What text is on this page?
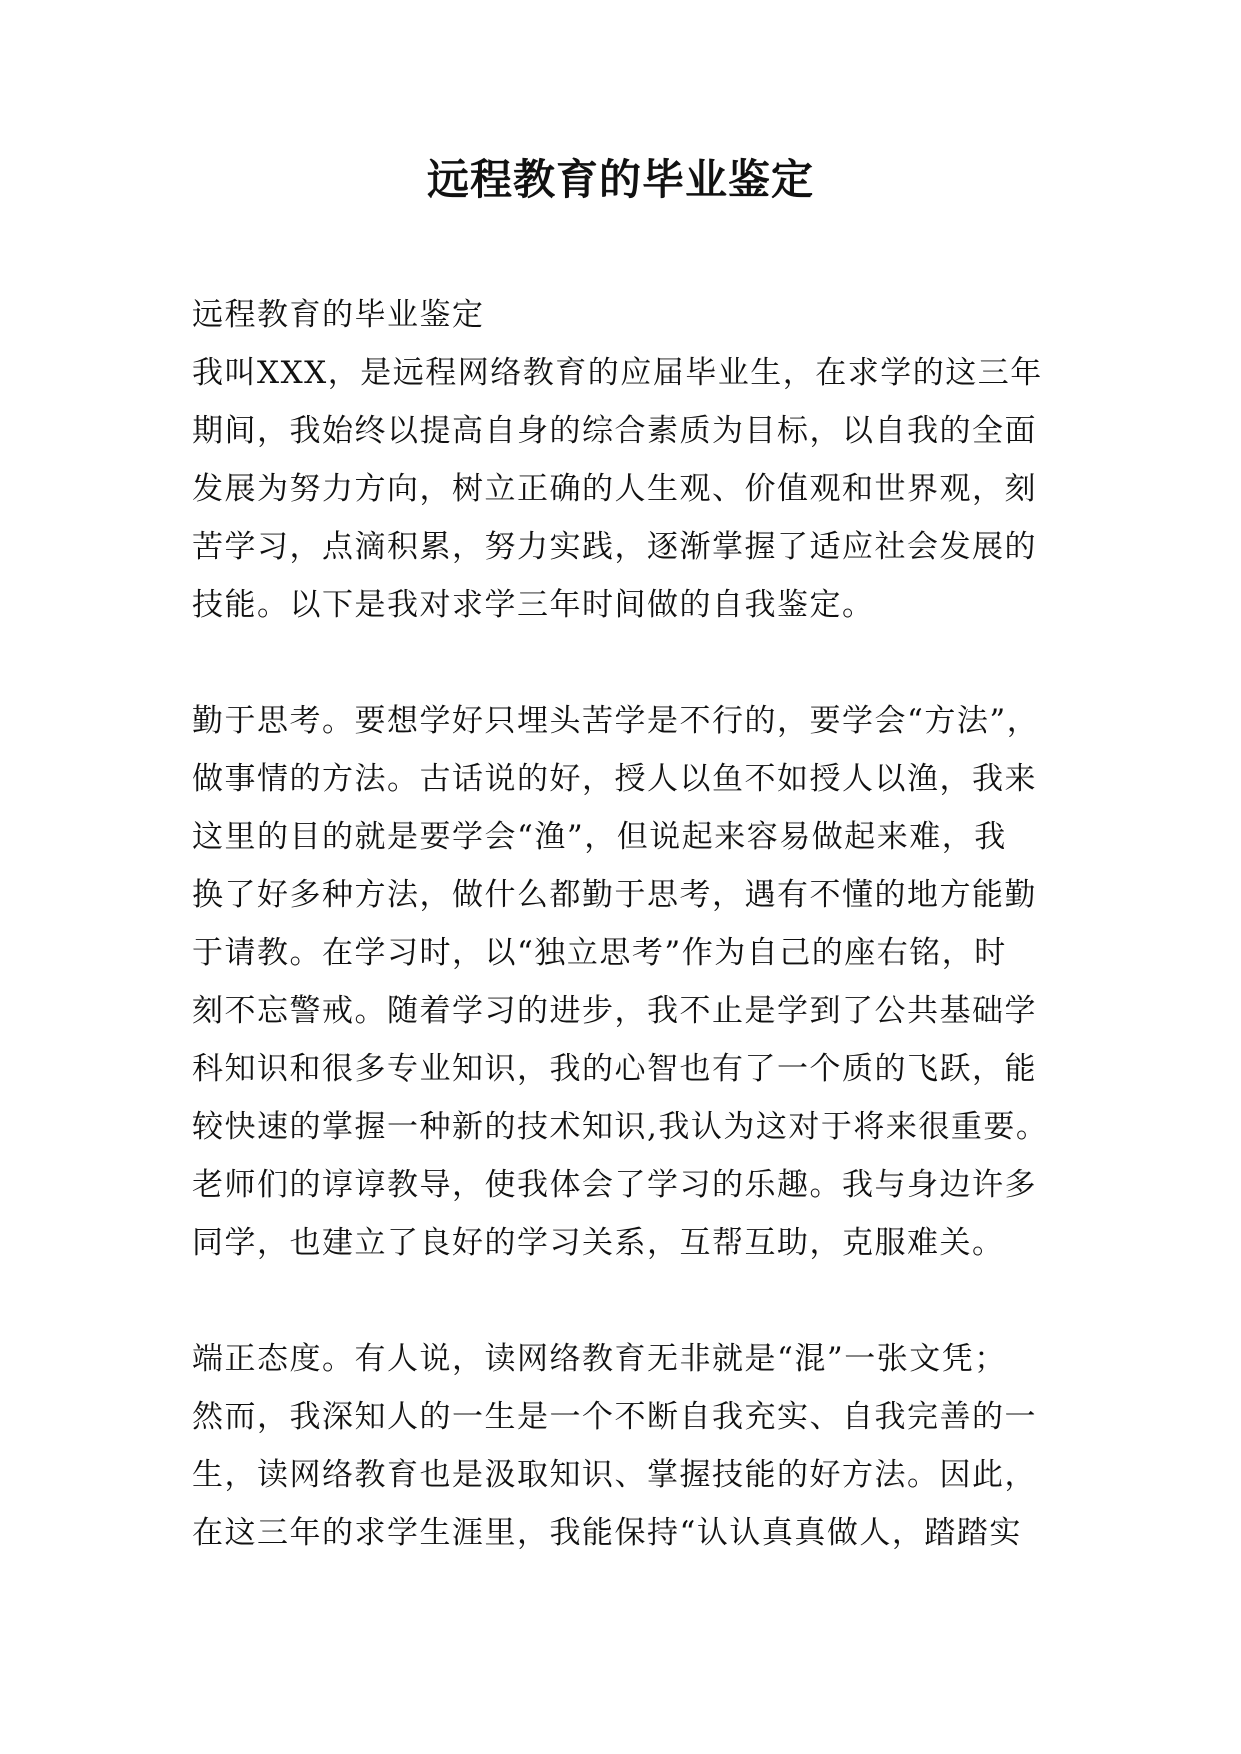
远程教育的毕业鉴定
远程教育的毕业鉴定
我叫XXX，是远程网络教育的应届毕业生，在求学的这三年
期间，我始终以提高自身的综合素质为目标，以自我的全面
发展为努力方向，树立正确的人生观、价值观和世界观，刻
苦学习，点滴积累，努力实践，逐渐掌握了适应社会发展的
技能。以下是我对求学三年时间做的自我鉴定。
勤于思考。要想学好只埋头苦学是不行的，要学会“方法”，
做事情的方法。古话说的好，授人以鱼不如授人以渔，我来
这里的目的就是要学会“渔”，但说起来容易做起来难，我
换了好多种方法，做什么都勤于思考，遇有不懂的地方能勤
于请教。在学习时，以“独立思考”作为自己的座右铭，时
刻不忘警戒。随着学习的进步，我不止是学到了公共基础学
科知识和很多专业知识，我的心智也有了一个质的飞跃，能
较快速的掌握一种新的技术知识,我认为这对于将来很重要。
老师们的谆谆教导，使我体会了学习的乐趣。我与身边许多
同学，也建立了良好的学习关系，互帮互助，克服难关。
端正态度。有人说，读网络教育无非就是“混”一张文凭；
然而，我深知人的一生是一个不断自我充实、自我完善的一
生，读网络教育也是汲取知识、掌握技能的好方法。因此，
在这三年的求学生涯里，我能保持“认认真真做人，踏踏实
